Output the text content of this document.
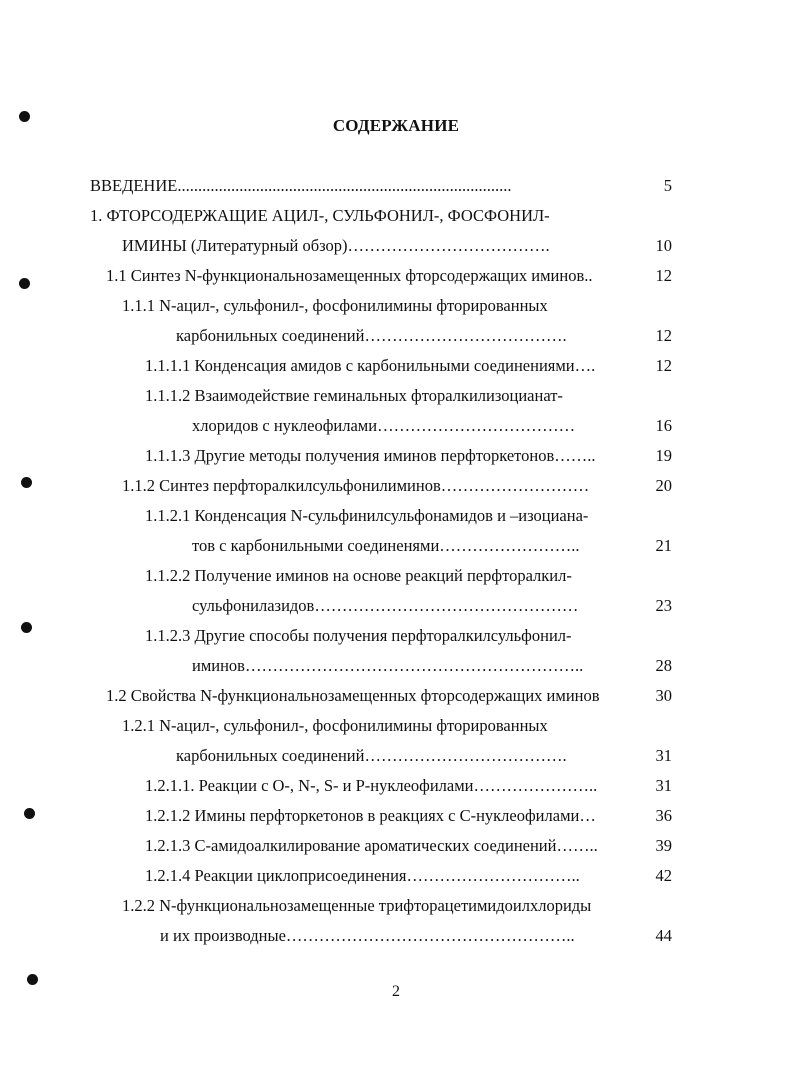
СОДЕРЖАНИЕ
ВВЕДЕНИЕ.................................................................................	5
1. ФТОРСОДЕРЖАЩИЕ АЦИЛ-, СУЛЬФОНИЛ-, ФОСФОНИЛ-
ИМИНЫ (Литературный обзор)……………………………….	10
1.1 Синтез N-функциональнозамещенных фторсодержащих иминов..	12
1.1.1 N-ацил-, сульфонил-, фосфонилимины фторированных
карбонильных соединений……………………………….	12
1.1.1.1 Конденсация амидов с карбонильными соединениями….	12
1.1.1.2 Взаимодействие геминальных фторалкилизоцианат-
хлоридов с нуклеофилами………………………………	16
1.1.1.3 Другие методы получения иминов перфторкетонов……..	19
1.1.2 Синтез перфторалкилсульфонилиминов………………………	20
1.1.2.1 Конденсация N-сульфинилсульфонамидов и –изоциана-
тов с карбонильными соединенями……………………..	21
1.1.2.2 Получение иминов на основе реакций перфторалкил-
сульфонилазидов…………………………………………	23
1.1.2.3 Другие способы получения перфторалкилсульфонил-
иминов……………………………………………………..	28
1.2 Свойства N-функциональнозамещенных фторсодержащих иминов	30
1.2.1 N-ацил-, сульфонил-, фосфонилимины фторированных
карбонильных соединений……………………………….	31
1.2.1.1. Реакции с O-, N-, S- и P-нуклеофилами…………………..	31
1.2.1.2 Имины перфторкетонов в реакциях с С-нуклеофилами…	36
1.2.1.3 С-амидоалкилирование ароматических соединений……..	39
1.2.1.4 Реакции циклоприсоединения…………………………..	42
1.2.2 N-функциональнозамещенные трифторацетимидоилхлориды
и их производные……………………………………………..	44
2
